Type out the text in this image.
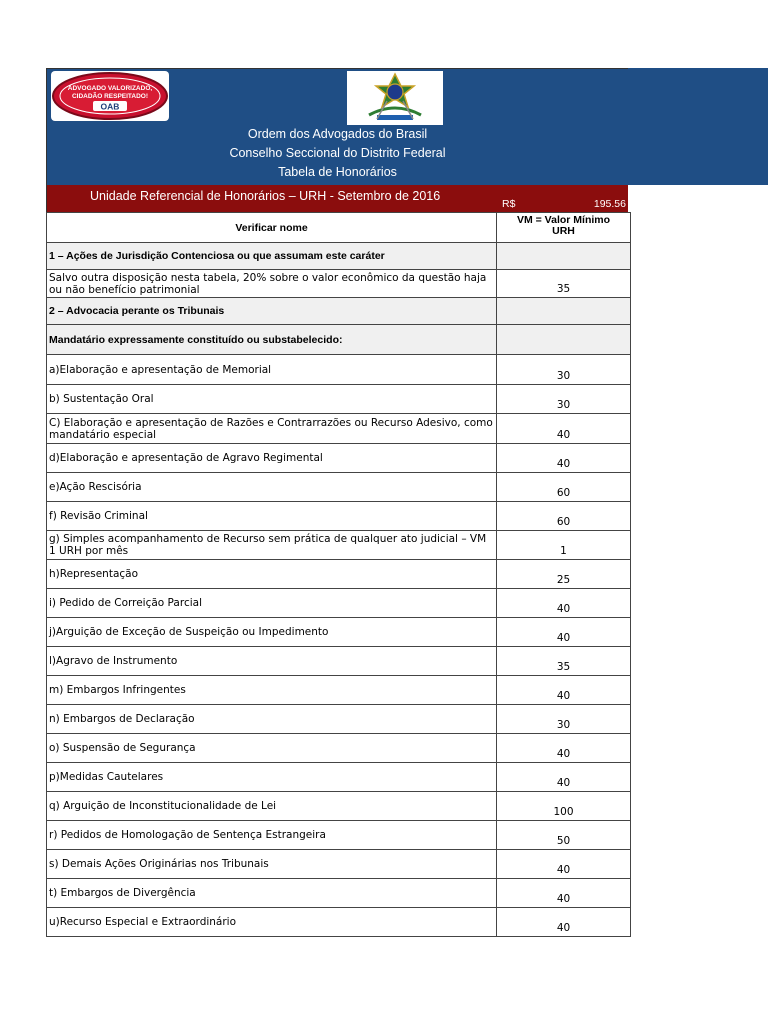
ADVOGADO VALORIZADO,
CIDADÃO RESPEITADO!
OAB
Ordem dos Advogados do Brasil
Conselho Seccional do Distrito Federal
Tabela de Honorários
Unidade Referencial de Honorários – URH - Setembro de 2016
R$	195.56
Verificar nome	VM = Valor Mínimo
URH

1 – Ações de Jurisdição Contenciosa ou que assumam este caráter	
Salvo outra disposição nesta tabela, 20% sobre o valor econômico da questão haja ou não benefício patrimonial	35
2 – Advocacia perante os Tribunais	
Mandatário expressamente constituído ou substabelecido:	
a)Elaboração e apresentação de Memorial	30
b) Sustentação Oral	30
C) Elaboração e apresentação de Razões e Contrarrazões ou Recurso Adesivo, como mandatário especial	40
d)Elaboração e apresentação de Agravo Regimental	40
e)Ação Rescisória	60
f) Revisão Criminal	60
g) Simples acompanhamento de Recurso sem prática de qualquer ato judicial – VM 1 URH por mês	1
h)Representação	25
i) Pedido de Correição Parcial	40
j)Arguição de Exceção de Suspeição ou Impedimento	40
l)Agravo de Instrumento	35
m) Embargos Infringentes	40
n) Embargos de Declaração	30
o) Suspensão de Segurança	40
p)Medidas Cautelares	40
q) Arguição de Inconstitucionalidade de Lei	100
r) Pedidos de Homologação de Sentença Estrangeira	50
s) Demais Ações Originárias nos Tribunais	40
t) Embargos de Divergência	40
u)Recurso Especial e Extraordinário	40
